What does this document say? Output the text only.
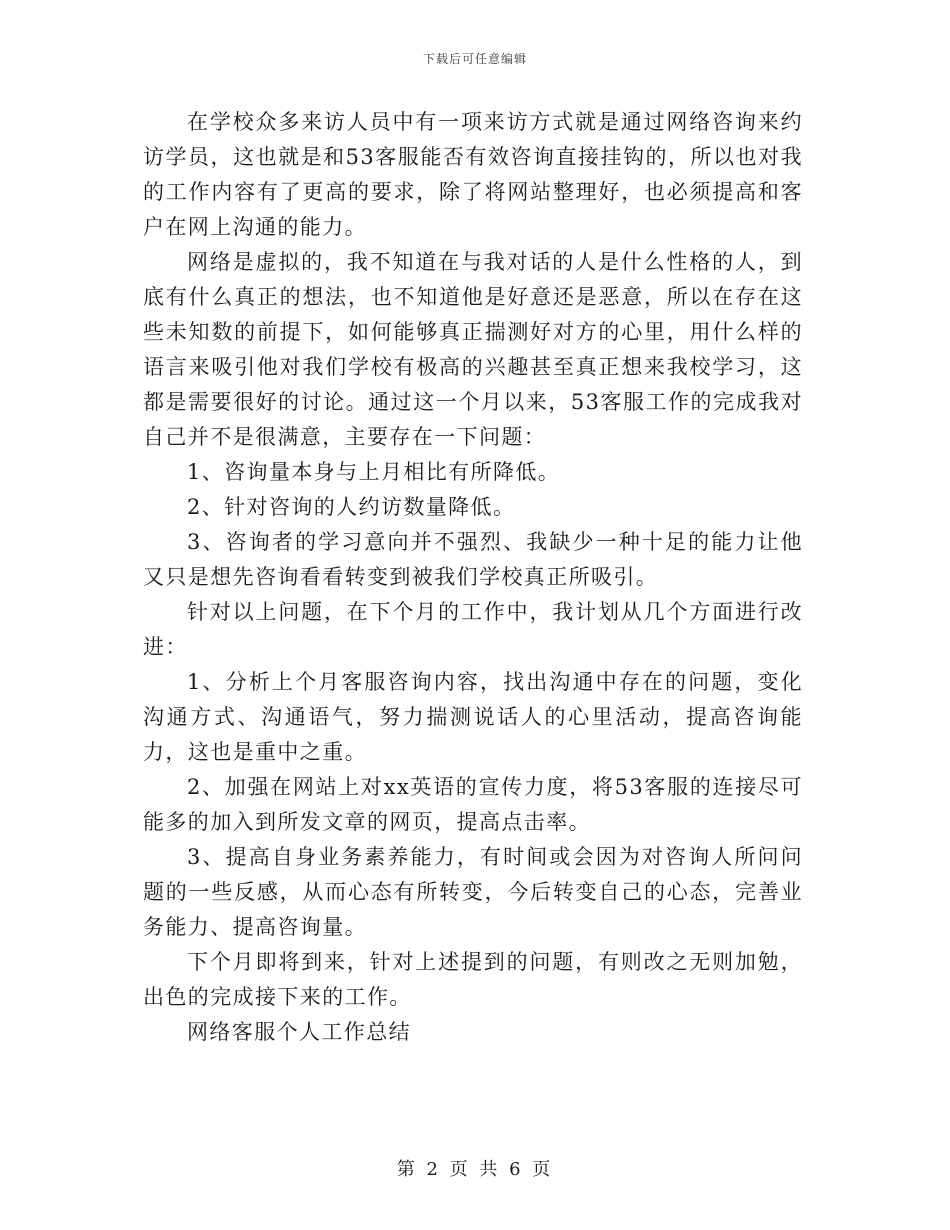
下载后可任意编辑

在学校众多来访人员中有一项来访方式就是通过网络咨询来约访学员，这也就是和53客服能否有效咨询直接挂钩的，所以也对我的工作内容有了更高的要求，除了将网站整理好，也必须提高和客户在网上沟通的能力。

网络是虚拟的，我不知道在与我对话的人是什么性格的人，到底有什么真正的想法，也不知道他是好意还是恶意，所以在存在这些未知数的前提下，如何能够真正揣测好对方的心里，用什么样的语言来吸引他对我们学校有极高的兴趣甚至真正想来我校学习，这都是需要很好的讨论。通过这一个月以来，53客服工作的完成我对自己并不是很满意，主要存在一下问题：

1、咨询量本身与上月相比有所降低。

2、针对咨询的人约访数量降低。

3、咨询者的学习意向并不强烈、我缺少一种十足的能力让他又只是想先咨询看看转变到被我们学校真正所吸引。

针对以上问题，在下个月的工作中，我计划从几个方面进行改进：

1、分析上个月客服咨询内容，找出沟通中存在的问题，变化沟通方式、沟通语气，努力揣测说话人的心里活动，提高咨询能力，这也是重中之重。

2、加强在网站上对xx英语的宣传力度，将53客服的连接尽可能多的加入到所发文章的网页，提高点击率。

3、提高自身业务素养能力，有时间或会因为对咨询人所问问题的一些反感，从而心态有所转变，今后转变自己的心态，完善业务能力、提高咨询量。

下个月即将到来，针对上述提到的问题，有则改之无则加勉，出色的完成接下来的工作。

网络客服个人工作总结

第 2 页 共 6 页
